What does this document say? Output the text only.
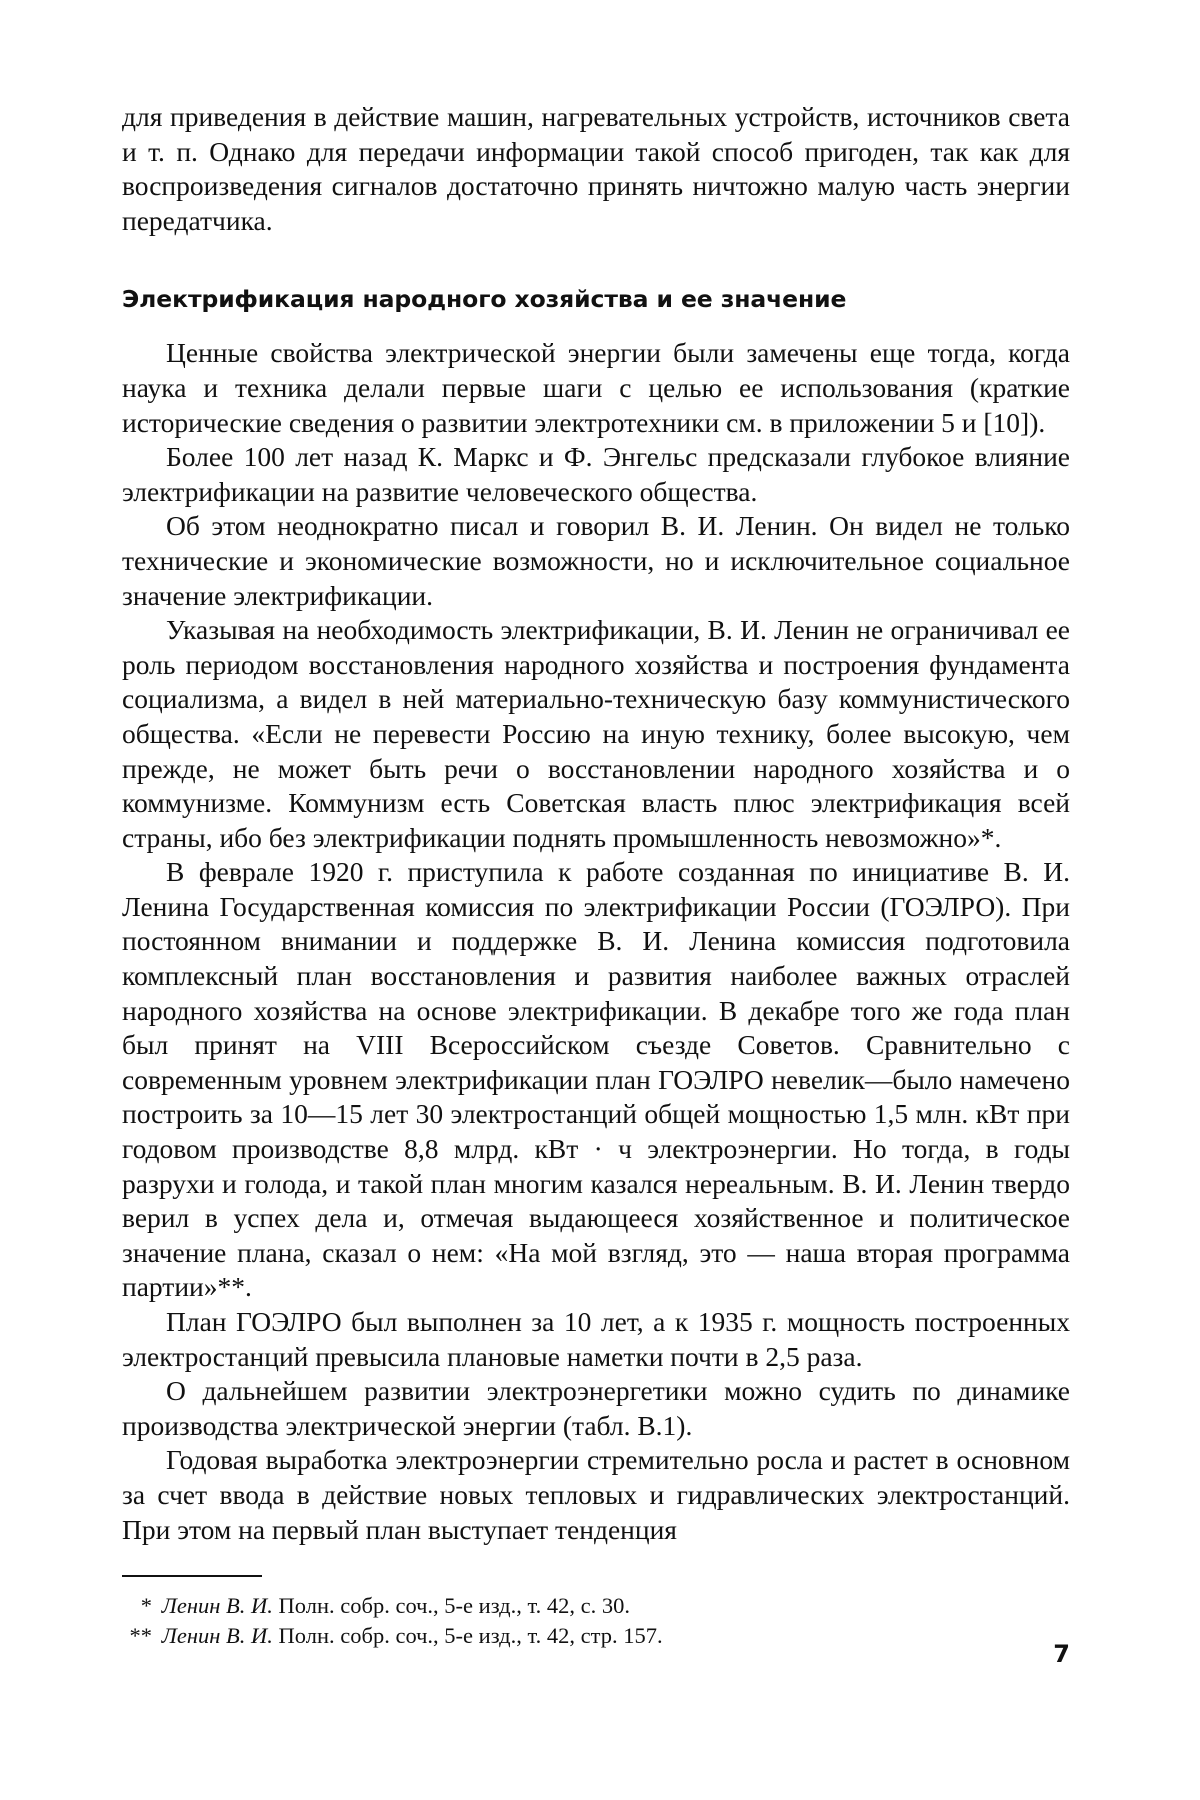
для приведения в действие машин, нагревательных устройств, источников света и т. п. Однако для передачи информации такой способ пригоден, так как для воспроизведения сигналов достаточно принять ничтожно малую часть энергии передатчика.

Электрификация народного хозяйства и ее значение

Ценные свойства электрической энергии были замечены еще тогда, когда наука и техника делали первые шаги с целью ее использования (краткие исторические сведения о развитии электротехники см. в приложении 5 и [10]).

Более 100 лет назад К. Маркс и Ф. Энгельс предсказали глубокое влияние электрификации на развитие человеческого общества.

Об этом неоднократно писал и говорил В. И. Ленин. Он видел не только технические и экономические возможности, но и исключительное социальное значение электрификации.

Указывая на необходимость электрификации, В. И. Ленин не ограничивал ее роль периодом восстановления народного хозяйства и построения фундамента социализма, а видел в ней материально-техническую базу коммунистического общества. «Если не перевести Россию на иную технику, более высокую, чем прежде, не может быть речи о восстановлении народного хозяйства и о коммунизме. Коммунизм есть Советская власть плюс электрификация всей страны, ибо без электрификации поднять промышленность невозможно»*.

В феврале 1920 г. приступила к работе созданная по инициативе В. И. Ленина Государственная комиссия по электрификации России (ГОЭЛРО). При постоянном внимании и поддержке В. И. Ленина комиссия подготовила комплексный план восстановления и развития наиболее важных отраслей народного хозяйства на основе электрификации. В декабре того же года план был принят на VIII Всероссийском съезде Советов. Сравнительно с современным уровнем электрификации план ГОЭЛРО невелик—было намечено построить за 10—15 лет 30 электростанций общей мощностью 1,5 млн. кВт при годовом производстве 8,8 млрд. кВт · ч электроэнергии. Но тогда, в годы разрухи и голода, и такой план многим казался нереальным. В. И. Ленин твердо верил в успех дела и, отмечая выдающееся хозяйственное и политическое значение плана, сказал о нем: «На мой взгляд, это — наша вторая программа партии»**.

План ГОЭЛРО был выполнен за 10 лет, а к 1935 г. мощность построенных электростанций превысила плановые наметки почти в 2,5 раза.

О дальнейшем развитии электроэнергетики можно судить по динамике производства электрической энергии (табл. В.1).

Годовая выработка электроэнергии стремительно росла и растет в основном за счет ввода в действие новых тепловых и гидравлических электростанций. При этом на первый план выступает тенденция

* Ленин В. И. Полн. собр. соч., 5-е изд., т. 42, с. 30.

** Ленин В. И. Полн. собр. соч., 5-е изд., т. 42, стр. 157.

7
